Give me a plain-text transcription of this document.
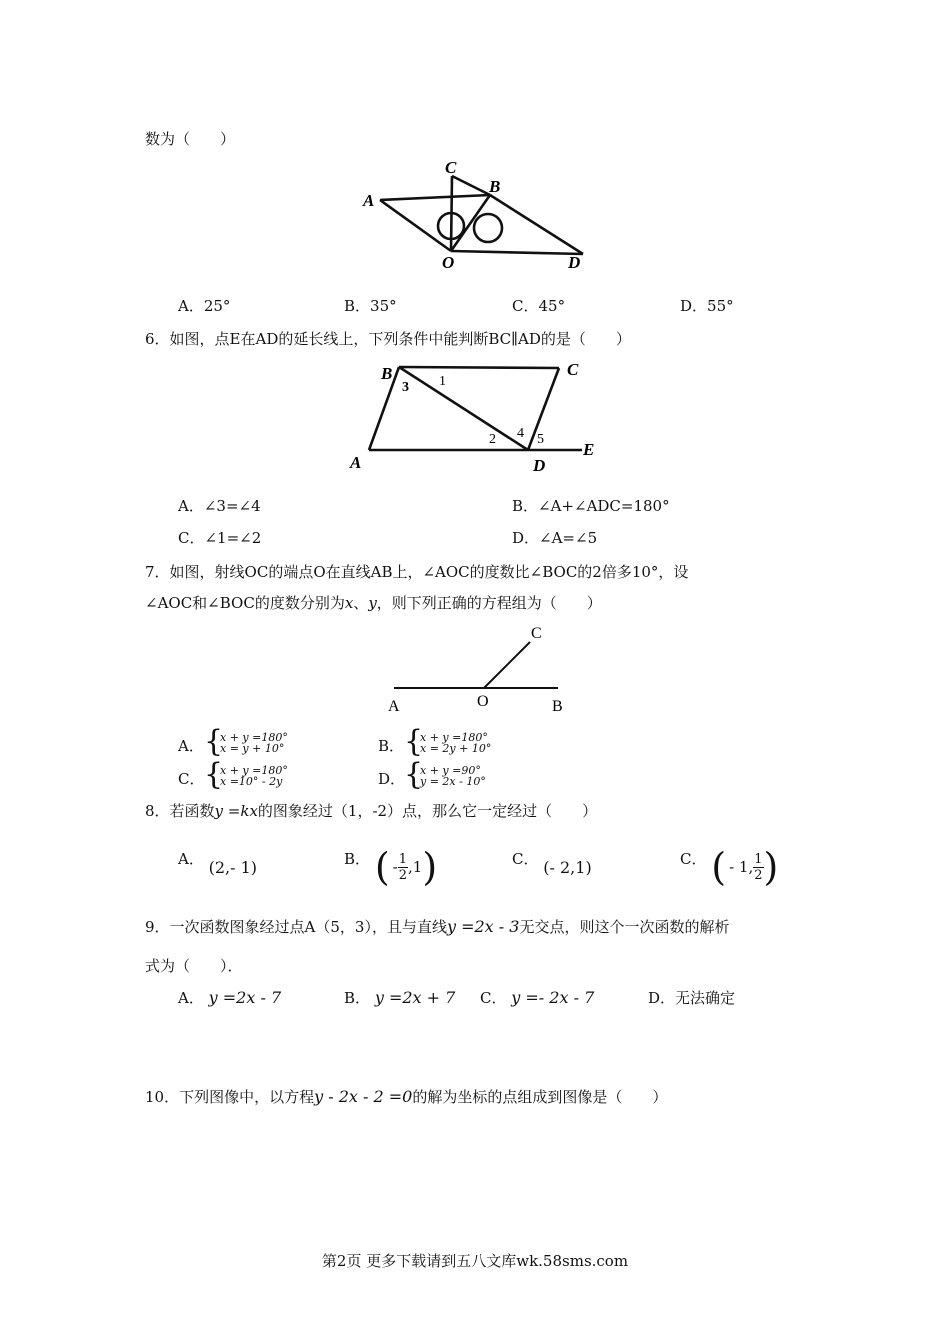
数为（　　）
A
C
B
O	D
A．25°	B．35°	C．45°	D．55°
6．如图，点E在AD的延长线上，下列条件中能判断BC∥AD的是（　　）
B	C
A	D
E
3 1
2 4 5
A．∠3=∠4	B．∠A+∠ADC=180°
C．∠1=∠2	D．∠A=∠5
7．如图，射线OC的端点O在直线AB上，∠AOC的度数比∠BOC的2倍多10°，设
∠AOC和∠BOC的度数分别为x、y，则下列正确的方程组为（　　）
A	O	B
C
A． {
x + y =180°
x = y + 10°	B． {
x + y =180°
x = 2y + 10°
C． {
x + y =180°
x =10° - 2y	D．
{
x + y =90°
y = 2x - 10°
8．若函数y =kx的图象经过（1，-2）点，那么它一定经过（　　）
A． (2,- 1)	B． ( - $\frac{1}{2} ,1$)	C． (- 2,1)	C． ( - 1, $\frac{1}{2}$ )
9．一次函数图象经过点A（5，3），且与直线y =2x - 3无交点，则这个一次函数的解析
式为（　　）．
A． y =2x - 7	B． y =2x + 7 C． y =- 2x - 7	D．无法确定
10．下列图像中，以方程y - 2x - 2 =0的解为坐标的点组成到图像是（　　）
第2页 更多下载请到五八文库wk.58sms.com
